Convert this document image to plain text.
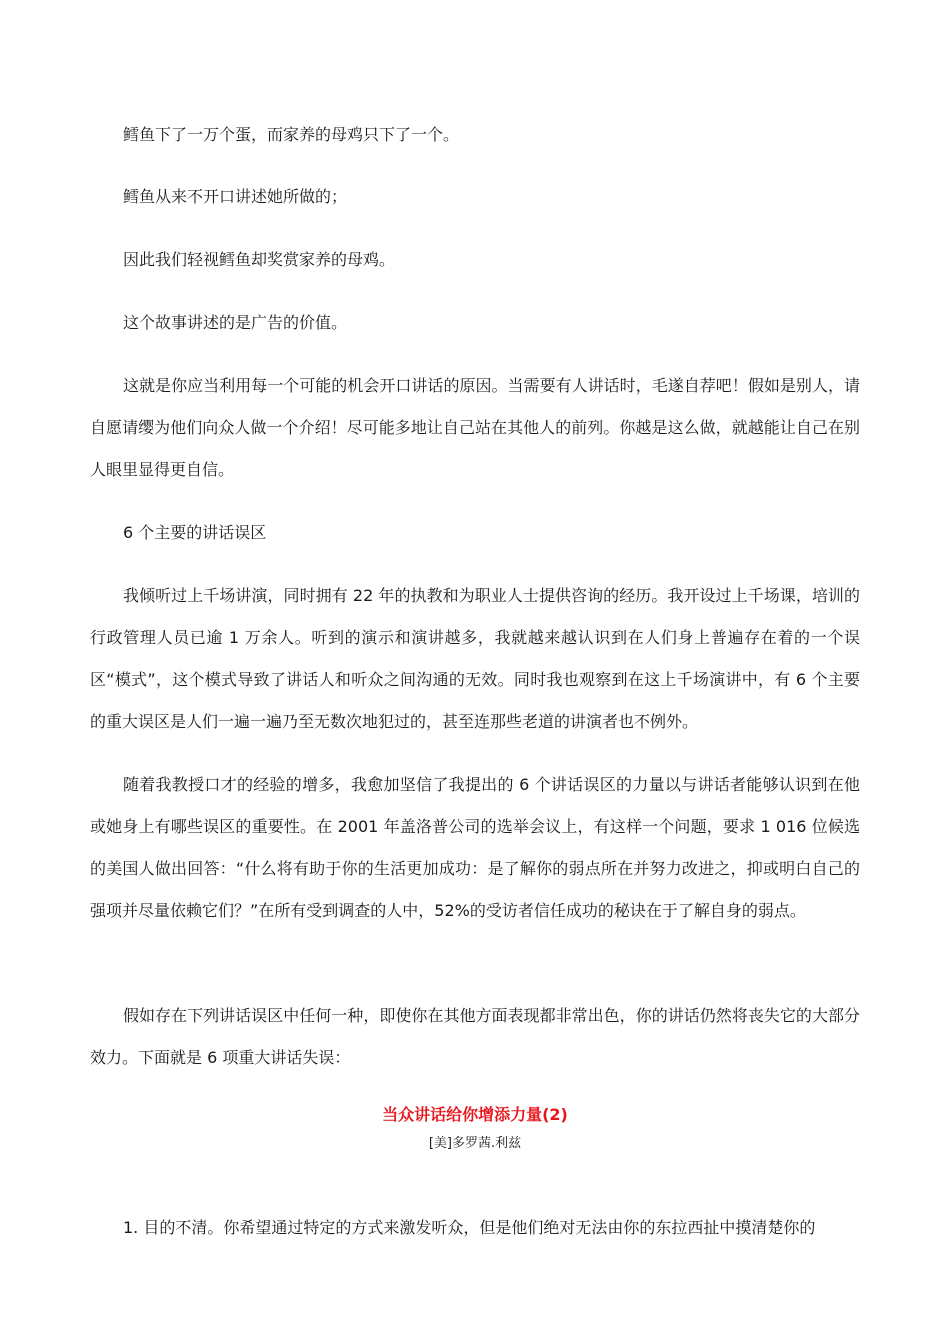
鳕鱼下了一万个蛋，而家养的母鸡只下了一个。

鳕鱼从来不开口讲述她所做的；

因此我们轻视鳕鱼却奖赏家养的母鸡。

这个故事讲述的是广告的价值。

这就是你应当利用每一个可能的机会开口讲话的原因。当需要有人讲话时，毛遂自荐吧！假如是别人，请自愿请缨为他们向众人做一个介绍！尽可能多地让自己站在其他人的前列。你越是这么做，就越能让自己在别人眼里显得更自信。

6 个主要的讲话误区

我倾听过上千场讲演，同时拥有 22 年的执教和为职业人士提供咨询的经历。我开设过上千场课，培训的行政管理人员已逾 1 万余人。听到的演示和演讲越多，我就越来越认识到在人们身上普遍存在着的一个误区“模式”，这个模式导致了讲话人和听众之间沟通的无效。同时我也观察到在这上千场演讲中，有 6 个主要的重大误区是人们一遍一遍乃至无数次地犯过的，甚至连那些老道的讲演者也不例外。

随着我教授口才的经验的增多，我愈加坚信了我提出的 6 个讲话误区的力量以与讲话者能够认识到在他或她身上有哪些误区的重要性。在 2001 年盖洛普公司的选举会议上，有这样一个问题，要求 1 016 位候选的美国人做出回答：“什么将有助于你的生活更加成功：是了解你的弱点所在并努力改进之，抑或明白自己的强项并尽量依赖它们？”在所有受到调查的人中，52%的受访者信任成功的秘诀在于了解自身的弱点。

假如存在下列讲话误区中任何一种，即使你在其他方面表现都非常出色，你的讲话仍然将丧失它的大部分效力。下面就是 6 项重大讲话失误：

当众讲话给你增添力量(2)

[美]多罗茜.利兹

1. 目的不清。你希望通过特定的方式来激发听众，但是他们绝对无法由你的东拉西扯中摸清楚你的
